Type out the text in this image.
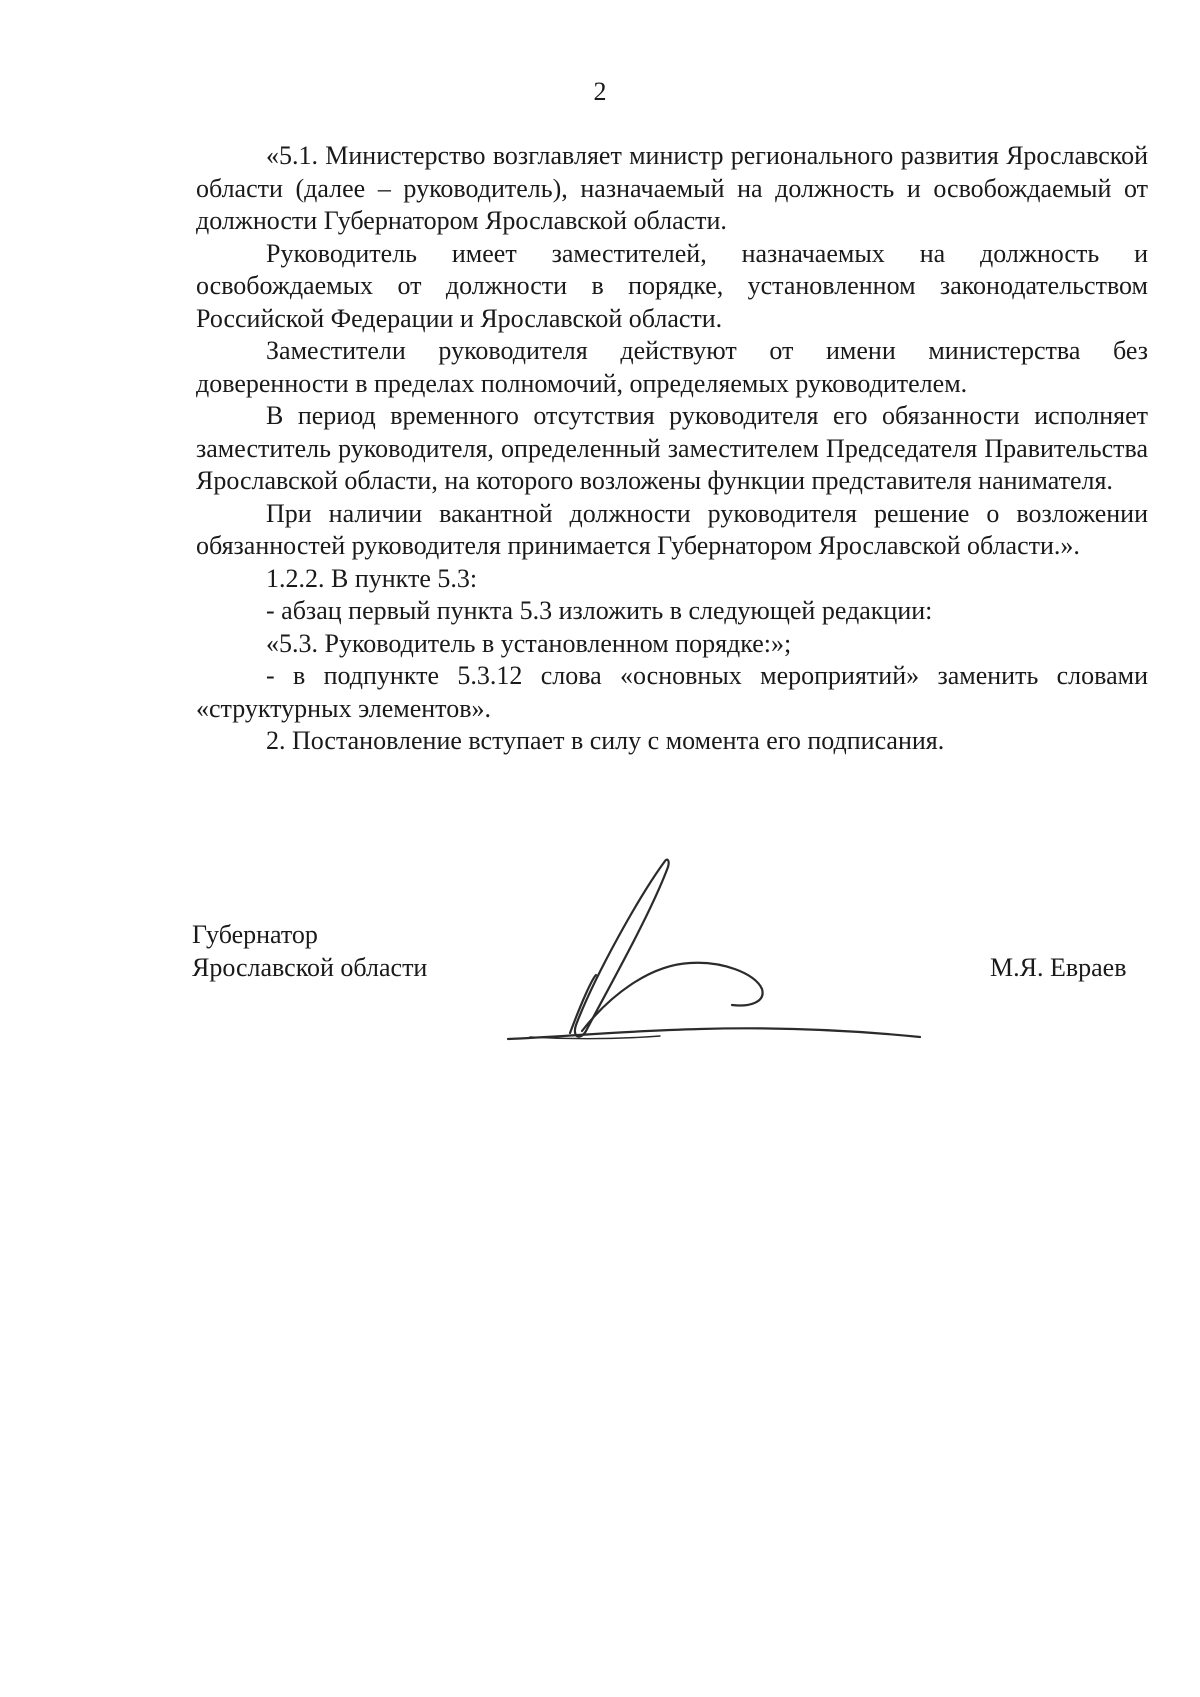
2

«5.1. Министерство возглавляет министр регионального развития Ярославской области (далее – руководитель), назначаемый на должность и освобождаемый от должности Губернатором Ярославской области.

Руководитель имеет заместителей, назначаемых на должность и освобождаемых от должности в порядке, установленном законодательством Российской Федерации и Ярославской области.

Заместители руководителя действуют от имени министерства без доверенности в пределах полномочий, определяемых руководителем.

В период временного отсутствия руководителя его обязанности исполняет заместитель руководителя, определенный заместителем Председателя Правительства Ярославской области, на которого возложены функции представителя нанимателя.

При наличии вакантной должности руководителя решение о возложении обязанностей руководителя принимается Губернатором Ярославской области.».

1.2.2. В пункте 5.3:

- абзац первый пункта 5.3 изложить в следующей редакции:

«5.3. Руководитель в установленном порядке:»;

- в подпункте 5.3.12 слова «основных мероприятий» заменить словами «структурных элементов».

2. Постановление вступает в силу с момента его подписания.

Губернатор
Ярославской области	М.Я. Евраев
